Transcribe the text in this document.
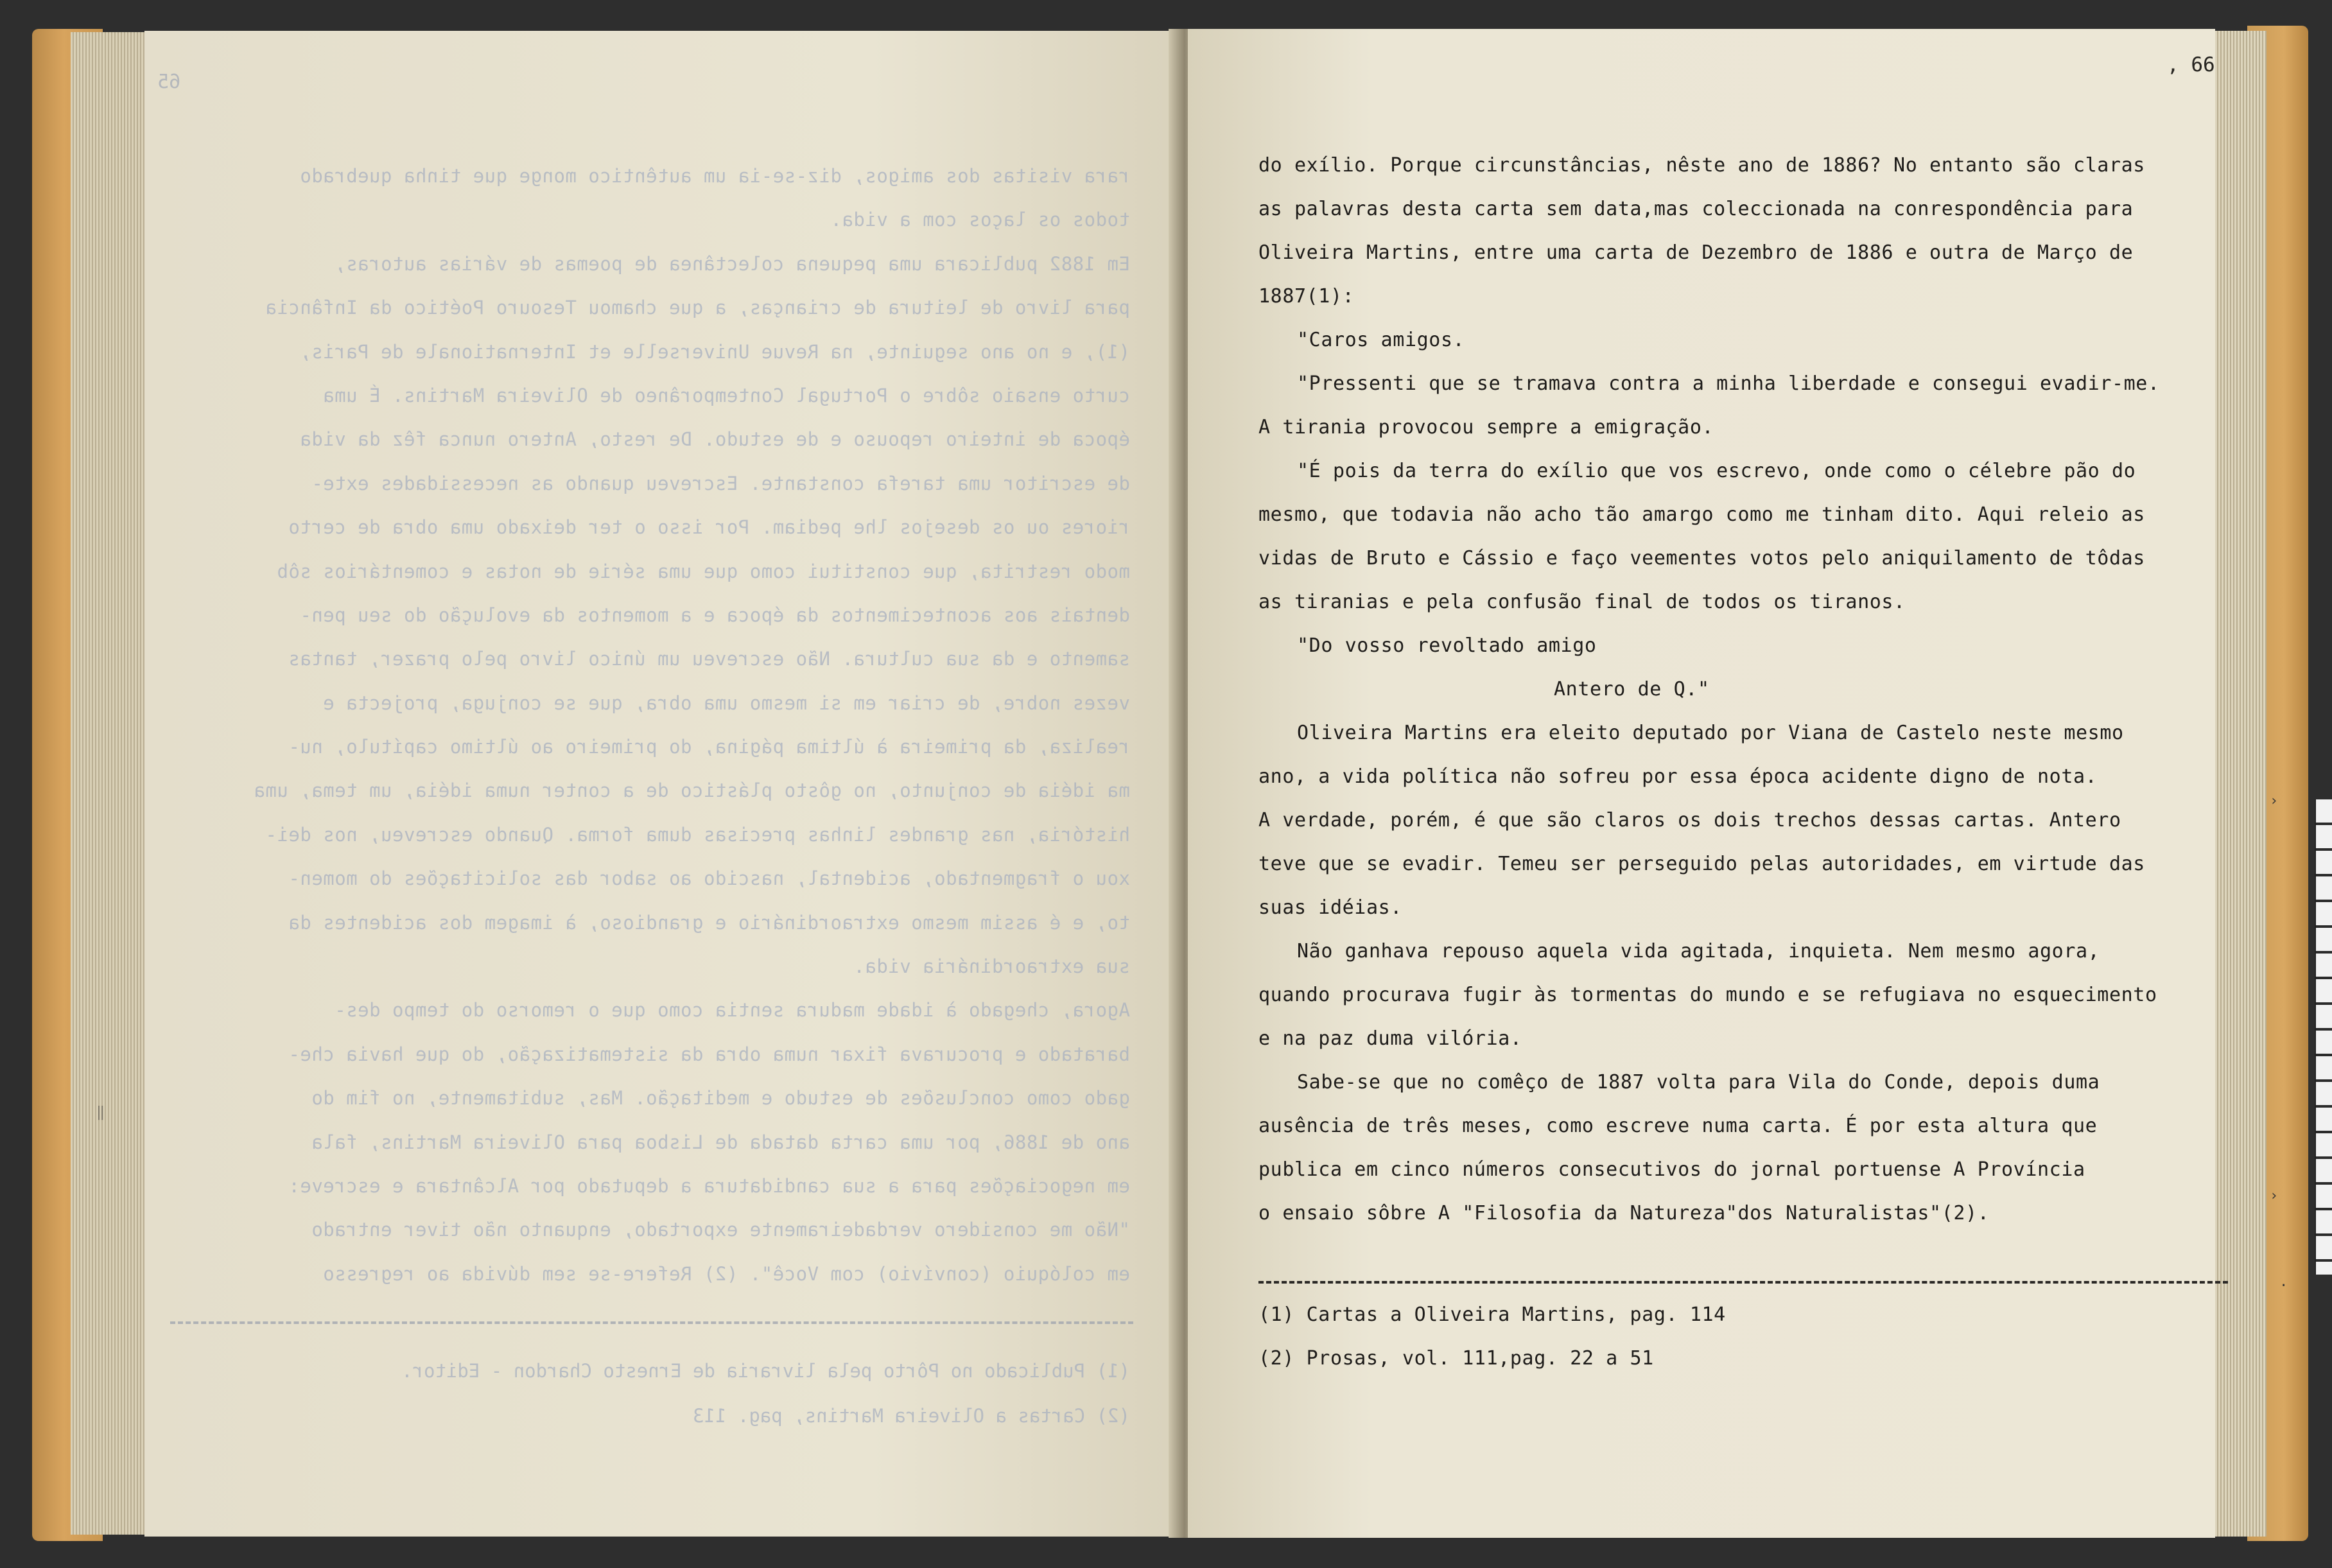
65
rara visitas dos amigos, diz-se-ia um autêntico monge que tinha quebrado
todos os laços com a vida.
Em 1882 publicara uma pequena colectânea de poemas de várias autoras,
para livro de leitura de crianças, a que chamou Tesouro Poético da Infância
(1), e no ano seguinte, na Revue Universelle et Internationale de Paris,
curto ensaio sôbre o Portugal Contemporâneo de Oliveira Martins. É uma
época de inteiro repouso e de estudo. De resto, Antero nunca fêz da vida
de escritor uma tarefa constante. Escreveu quando as necessidades exte-
riores ou os desejos lhe pediam. Por isso o ter deixado uma obra de certo
modo restrita, que constitui como que uma série de notas e comentários sôb
dentais aos acontecimentos da época e a momentos da evolução do seu pen-
samento e da sua cultura. Não escreveu um único livro pelo prazer, tantas
vezes nobre, de criar em si mesmo uma obra, que se conjuga, projecta e
realiza, da primeira à última página, do primeiro ao último capítulo, nu-
ma idéia de conjunto, no gôsto plástico de a conter numa idéia, um tema, uma
história, nas grandes linhas precisas duma forma. Quando escreveu, nos dei-
xou o fragmentado, acidental, nascido ao sabor das solicitações do momen-
to, e é assim mesmo extraordinário e grandioso, à imagem dos acidentes da
sua extraordinária vida.
Agora, chegado à idade madura sentia como que o remorso do tempo des-
baratado e procurava fixar numa obra da sistematização, do que havia che-
gado como conclusões de estudo e meditação. Mas, subitamente, no fim do
ano de 1886, por uma carta datada de Lisboa para Oliveira Martins, fala
em negociações para a sua candidatura a deputado por Alcântara e escreve:
"Não me considero verdadeiramente exportado, enquanto não tiver entrado
em colóquio (convívio) com Você". (2) Refere-se sem dúvida ao regresso
(1) Publicado no Pôrto pela livraria de Ernesto Chardon - Editor.
(2) Cartas a Oliveira Martins, pag. 113
, 66
do exílio. Porque circunstâncias, nêste ano de 1886? No entanto são claras
as palavras desta carta sem data,mas coleccionada na conrespondência para
Oliveira Martins, entre uma carta de Dezembro de 1886 e outra de Março de
1887(1):
"Caros amigos.
"Pressenti que se tramava contra a minha liberdade e consegui evadir-me.
A tirania provocou sempre a emigração.
"É pois da terra do exílio que vos escrevo, onde como o célebre pão do
mesmo, que todavia não acho tão amargo como me tinham dito. Aqui releio as
vidas de Bruto e Cássio e faço veementes votos pelo aniquilamento de tôdas
as tiranias e pela confusão final de todos os tiranos.
"Do vosso revoltado amigo
Antero de Q."
Oliveira Martins era eleito deputado por Viana de Castelo neste mesmo
ano, a vida política não sofreu por essa época acidente digno de nota.
A verdade, porém, é que são claros os dois trechos dessas cartas. Antero
teve que se evadir. Temeu ser perseguido pelas autoridades, em virtude das
suas idéias.
Não ganhava repouso aquela vida agitada, inquieta. Nem mesmo agora,
quando procurava fugir às tormentas do mundo e se refugiava no esquecimento
e na paz duma vilória.
Sabe-se que no comêço de 1887 volta para Vila do Conde, depois duma
ausência de três meses, como escreve numa carta. É por esta altura que
publica em cinco números consecutivos do jornal portuense A Província
o ensaio sôbre A "Filosofia da Natureza"dos Naturalistas"(2).
(1) Cartas a Oliveira Martins, pag. 114
(2) Prosas, vol. 111,pag. 22 a 51
›
›
·
‖
